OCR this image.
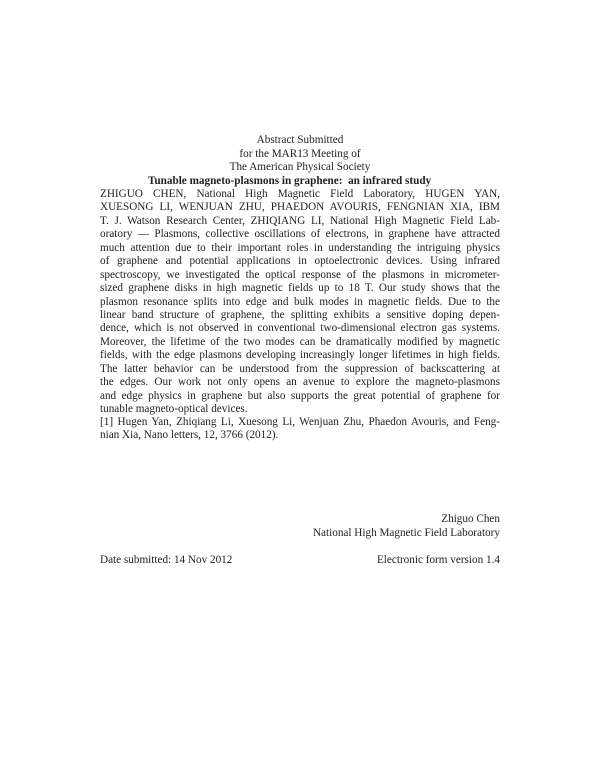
Abstract Submitted
for the MAR13 Meeting of
The American Physical Society
Tunable magneto-plasmons in graphene:  an infrared study
ZHIGUO CHEN, National High Magnetic Field Laboratory, HUGEN YAN,
XUESONG LI, WENJUAN ZHU, PHAEDON AVOURIS, FENGNIAN XIA, IBM
T. J. Watson Research Center, ZHIQIANG LI, National High Magnetic Field Lab-
oratory — Plasmons, collective oscillations of electrons, in graphene have attracted
much attention due to their important roles in understanding the intriguing physics
of graphene and potential applications in optoelectronic devices. Using infrared
spectroscopy, we investigated the optical response of the plasmons in micrometer-
sized graphene disks in high magnetic fields up to 18 T. Our study shows that the
plasmon resonance splits into edge and bulk modes in magnetic fields. Due to the
linear band structure of graphene, the splitting exhibits a sensitive doping depen-
dence, which is not observed in conventional two-dimensional electron gas systems.
Moreover, the lifetime of the two modes can be dramatically modified by magnetic
fields, with the edge plasmons developing increasingly longer lifetimes in high fields.
The latter behavior can be understood from the suppression of backscattering at
the edges. Our work not only opens an avenue to explore the magneto-plasmons
and edge physics in graphene but also supports the great potential of graphene for
tunable magneto-optical devices.
[1] Hugen Yan, Zhiqiang Li, Xuesong Li, Wenjuan Zhu, Phaedon Avouris, and Feng-
nian Xia, Nano letters, 12, 3766 (2012).
Zhiguo Chen
National High Magnetic Field Laboratory
Date submitted: 14 Nov 2012	Electronic form version 1.4
